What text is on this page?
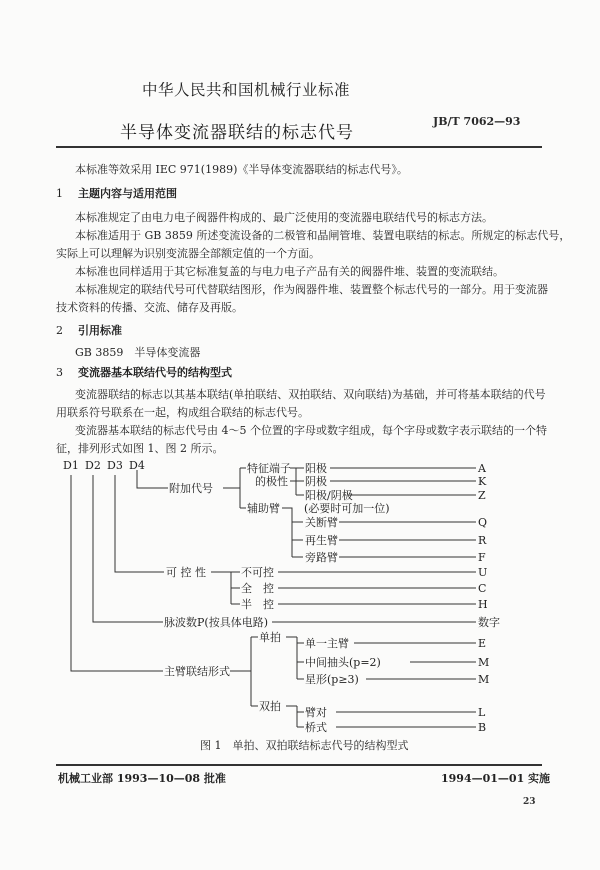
中华人民共和国机械行业标准
JB/T 7062—93
半导体变流器联结的标志代号
本标准等效采用 IEC 971(1989)《半导体变流器联结的标志代号》。
1 主题内容与适用范围
本标准规定了由电力电子阀器件构成的、最广泛使用的变流器电联结代号的标志方法。
本标准适用于 GB 3859 所述变流设备的二极管和晶闸管堆、装置电联结的标志。所规定的标志代号，
实际上可以理解为识别变流器全部额定值的一个方面。
本标准也同样适用于其它标准复盖的与电力电子产品有关的阀器件堆、装置的变流联结。
本标准规定的联结代号可代替联结图形，作为阀器件堆、装置整个标志代号的一部分。用于变流器
技术资料的传播、交流、储存及再版。
2 引用标准
GB 3859　半导体变流器
3 变流器基本联结代号的结构型式
变流器联结的标志以其基本联结(单拍联结、双拍联结、双向联结)为基础，并可将基本联结的代号
用联系符号联系在一起，构成组合联结的标志代号。
变流器基本联结的标志代号由 4～5 个位置的字母或数字组成，每个字母或数字表示联结的一个特
征，排列形式如图 1、图 2 所示。
D1 D2 D3 D4
附加代号
特征端子
的极性
阳极
阴极
阳极/阴极
(必要时可加一位)
辅助臂
关断臂
再生臂
旁路臂
可 控 性	不可控
全　控
半　控
脉波数P(按具体电路)
主臂联结形式
单拍 单一主臂
中间抽头(p=2)
星形(p≥3)
双拍 臂对
桥式
A
K
Z
Q
R
F
U
C
H
数字
E
M
M
L
B
图 1　单拍、双拍联结标志代号的结构型式
机械工业部 1993—10—08 批准	1994—01—01 实施
23
